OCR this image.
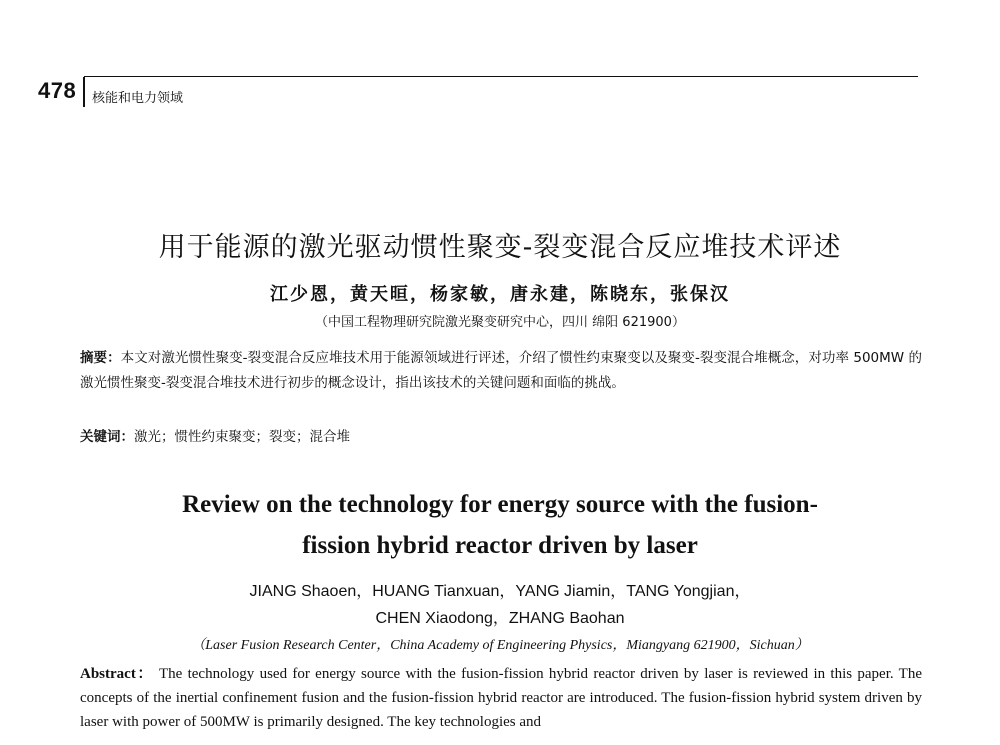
478 核能和电力领域
用于能源的激光驱动惯性聚变-裂变混合反应堆技术评述
江少恩，黄天晅，杨家敏，唐永建，陈晓东，张保汉
（中国工程物理研究院激光聚变研究中心，四川 绵阳 621900）
摘要：本文对激光惯性聚变-裂变混合反应堆技术用于能源领域进行评述，介绍了惯性约束聚变以及聚变-裂变混合堆概念，对功率 500MW 的激光惯性聚变-裂变混合堆技术进行初步的概念设计，指出该技术的关键问题和面临的挑战。
关键词：激光；惯性约束聚变；裂变；混合堆
Review on the technology for energy source with the fusion-
fission hybrid reactor driven by laser
JIANG Shaoen，HUANG Tianxuan，YANG Jiamin，TANG Yongjian，
CHEN Xiaodong，ZHANG Baohan
（Laser Fusion Research Center，China Academy of Engineering Physics，Miangyang 621900，Sichuan）
Abstract： The technology used for energy source with the fusion-fission hybrid reactor driven by laser is reviewed in this paper. The concepts of the inertial confinement fusion and the fusion-fission hybrid reactor are introduced. The fusion-fission hybrid system driven by laser with power of 500MW is primarily designed. The key technologies and
